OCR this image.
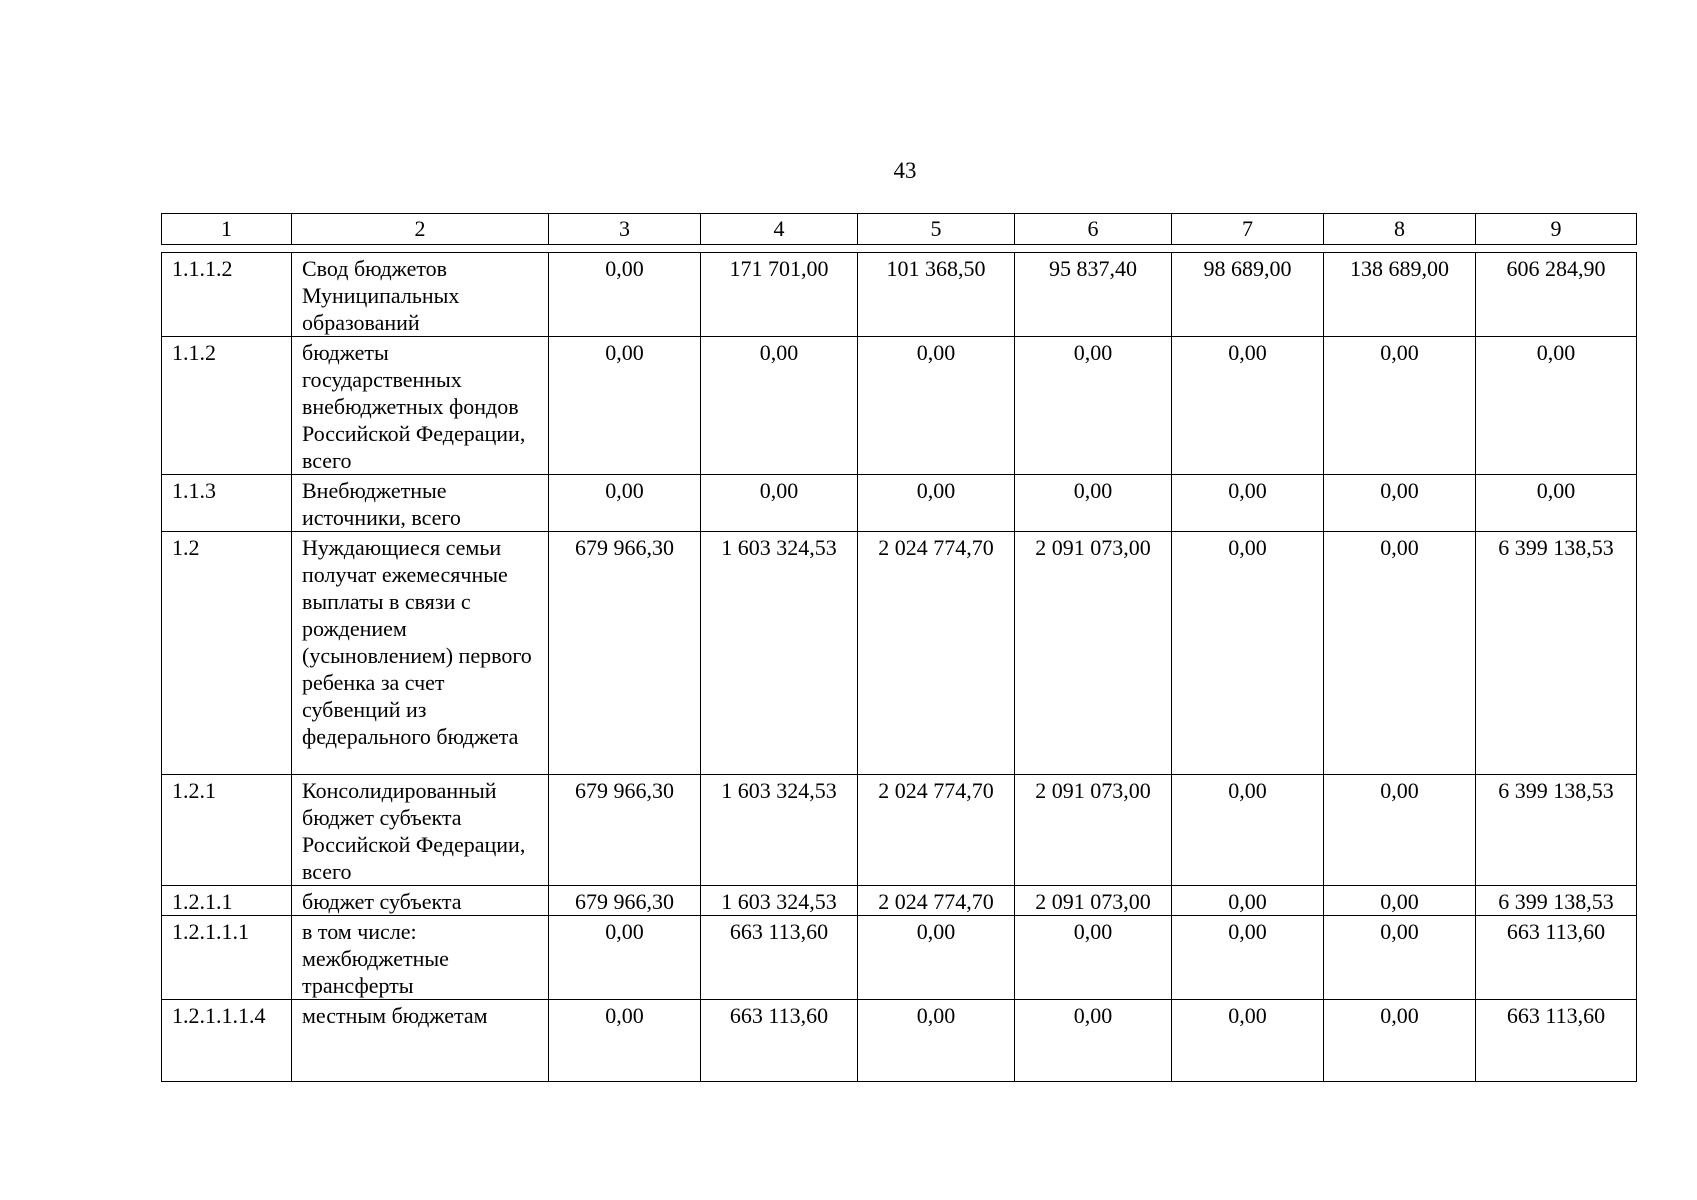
43
1	2	3	4	5	6	7	8	9
1.1.1.2	Свод бюджетов Муниципальных образований	0,00	171 701,00	101 368,50	95 837,40	98 689,00	138 689,00	606 284,90
1.1.2	бюджеты государственных внебюджетных фондов Российской Федерации, всего	0,00	0,00	0,00	0,00	0,00	0,00	0,00
1.1.3	Внебюджетные источники, всего	0,00	0,00	0,00	0,00	0,00	0,00	0,00
1.2	Нуждающиеся семьи получат ежемесячные выплаты в связи с рождением (усыновлением) первого ребенка за счет субвенций из федерального бюджета	679 966,30	1 603 324,53	2 024 774,70	2 091 073,00	0,00	0,00	6 399 138,53
1.2.1	Консолидированный бюджет субъекта Российской Федерации, всего	679 966,30	1 603 324,53	2 024 774,70	2 091 073,00	0,00	0,00	6 399 138,53
1.2.1.1	бюджет субъекта	679 966,30	1 603 324,53	2 024 774,70	2 091 073,00	0,00	0,00	6 399 138,53
1.2.1.1.1	в том числе: межбюджетные трансферты	0,00	663 113,60	0,00	0,00	0,00	0,00	663 113,60
1.2.1.1.1.4	местным бюджетам	0,00	663 113,60	0,00	0,00	0,00	0,00	663 113,60
